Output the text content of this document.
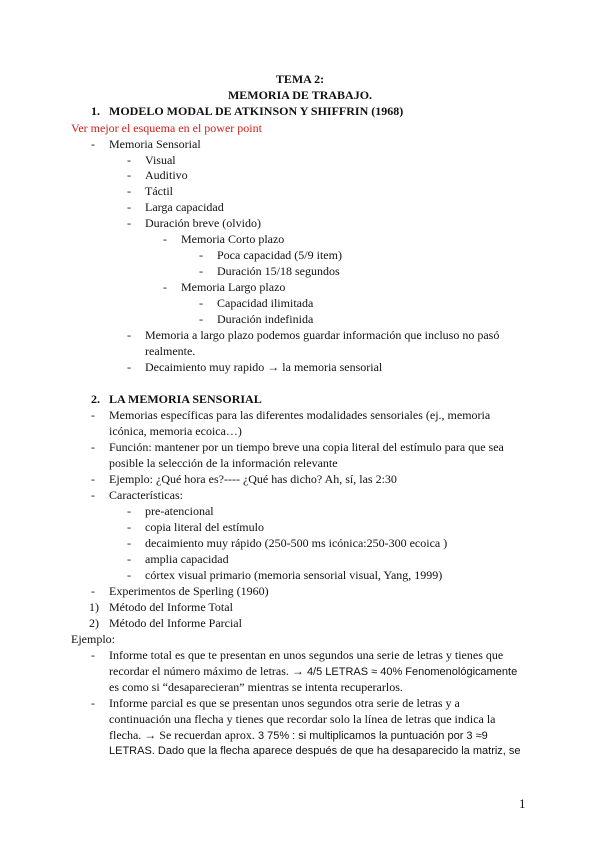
TEMA 2:
MEMORIA DE TRABAJO.
1. MODELO MODAL DE ATKINSON Y SHIFFRIN (1968)
Ver mejor el esquema en el power point
- Memoria Sensorial
- Visual
- Auditivo
- Táctil
- Larga capacidad
- Duración breve (olvido)
- Memoria Corto plazo
- Poca capacidad (5/9 item)
- Duración 15/18 segundos
- Memoria Largo plazo
- Capacidad ilimitada
- Duración indefinida
- Memoria a largo plazo podemos guardar información que incluso no pasó
realmente.
- Decaimiento muy rapido → la memoria sensorial
2. LA MEMORIA SENSORIAL
- Memorias específicas para las diferentes modalidades sensoriales (ej., memoria
icónica, memoria ecoica…)
- Función: mantener por un tiempo breve una copia literal del estímulo para que sea
posible la selección de la información relevante
- Ejemplo: ¿Qué hora es?---- ¿Qué has dicho? Ah, sí, las 2:30
- Características:
- pre-atencional
- copia literal del estímulo
- decaimiento muy rápido (250-500 ms icónica:250-300 ecoica )
- amplia capacidad
- córtex visual primario (memoria sensorial visual, Yang, 1999)
- Experimentos de Sperling (1960)
1) Método del Informe Total
2) Método del Informe Parcial
Ejemplo:
- Informe total es que te presentan en unos segundos una serie de letras y tienes que
recordar el número máximo de letras. → 4/5 LETRAS ≈ 40% Fenomenológicamente
es como si “desaparecieran” mientras se intenta recuperarlos.
- Informe parcial es que se presentan unos segundos otra serie de letras y a
continuación una flecha y tienes que recordar solo la línea de letras que indica la
flecha. → Se recuerdan aprox. 3 75% : si multiplicamos la puntuación por 3 ≈9
LETRAS. Dado que la flecha aparece después de que ha desaparecido la matriz, se
1
